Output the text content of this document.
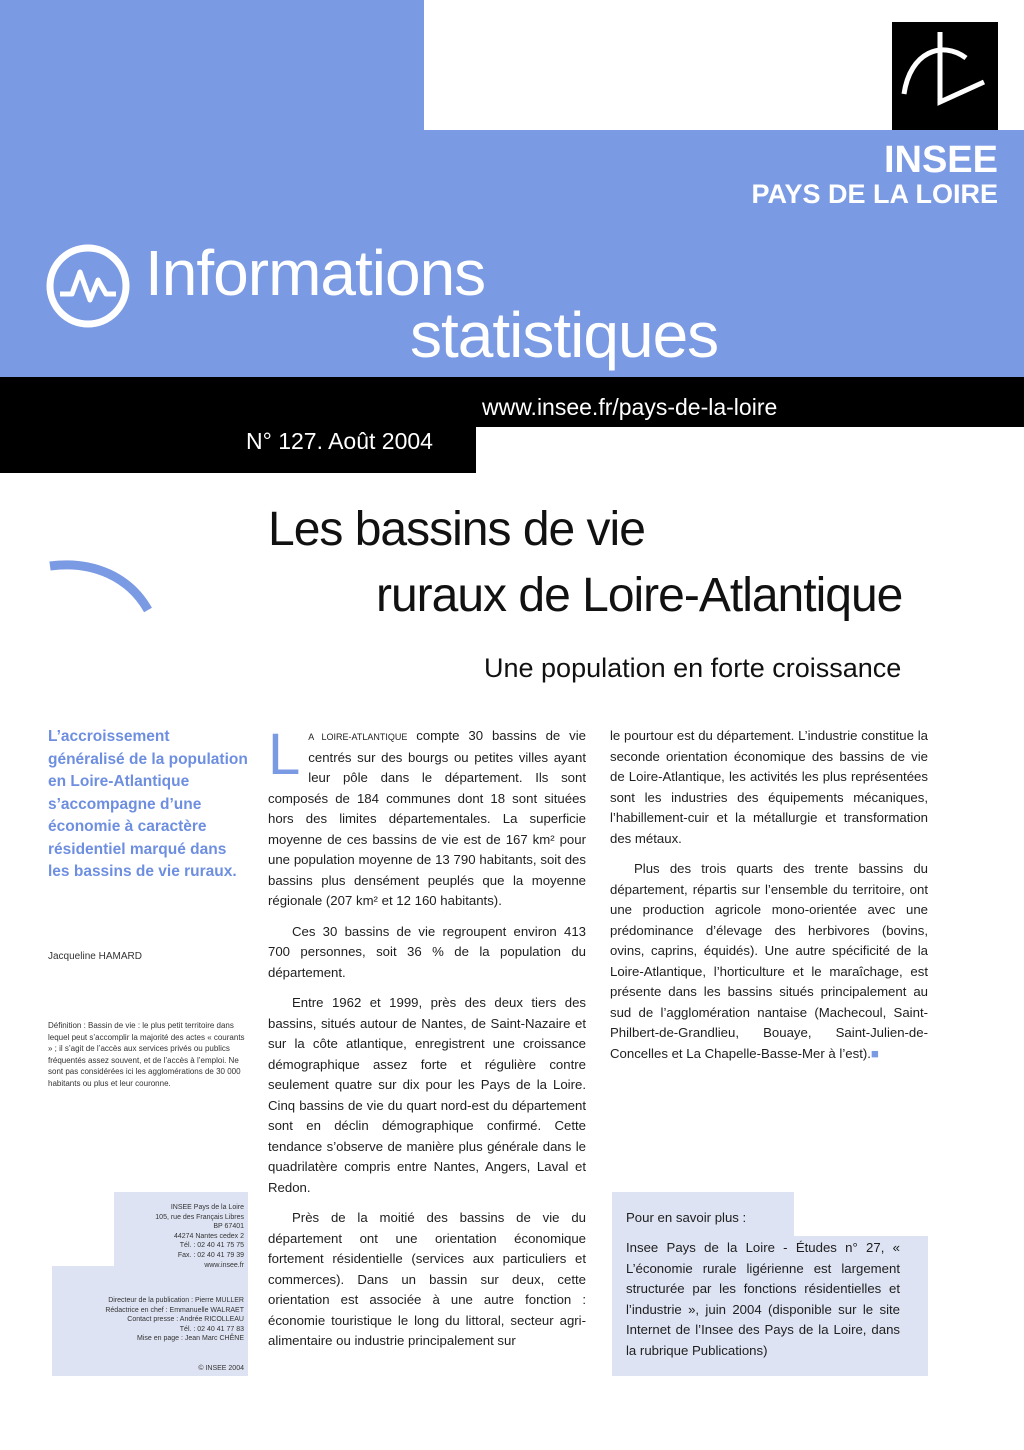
INSEE
PAYS DE LA LOIRE
Informations
statistiques
www.insee.fr/pays-de-la-loire
N° 127. Août 2004
Les bassins de vie
ruraux de Loire-Atlantique
Une population en forte croissance
L’accroissement généralisé de la population en Loire-Atlantique s’accompagne d’une économie à caractère résidentiel marqué dans les bassins de vie ruraux.
Jacqueline HAMARD
Définition : Bassin de vie : le plus petit territoire dans lequel peut s’accomplir la majorité des actes « courants » ; il s’agit de l’accès aux services privés ou publics fréquentés assez souvent, et de l’accès à l’emploi. Ne sont pas considérées ici les agglomérations de 30 000 habitants ou plus et leur couronne.
INSEE Pays de la Loire
105, rue des Français Libres
BP 67401
44274 Nantes cedex 2
Tél. : 02 40 41 75 75
Fax. : 02 40 41 79 39
www.insee.fr
Directeur de la publication : Pierre MULLER
Rédactrice en chef : Emmanuelle WALRAET
Contact presse : Andrée RICOLLEAU
Tél. : 02 40 41 77 83
Mise en page : Jean Marc CHÊNE
© INSEE 2004

L A LOIRE-ATLANTIQUE compte 30 bassins de vie centrés sur des bourgs ou petites villes ayant leur pôle dans le département. Ils sont composés de 184 communes dont 18 sont situées hors des limites départementales. La superficie moyenne de ces bassins de vie est de 167 km² pour une population moyenne de 13 790 habitants, soit des bassins plus densément peuplés que la moyenne régionale (207 km² et 12 160 habitants).

Ces 30 bassins de vie regroupent environ 413 700 personnes, soit 36 % de la population du département.

Entre 1962 et 1999, près des deux tiers des bassins, situés autour de Nantes, de Saint-Nazaire et sur la côte atlantique, enregistrent une croissance démographique assez forte et régulière contre seulement quatre sur dix pour les Pays de la Loire. Cinq bassins de vie du quart nord-est du département sont en déclin démographique confirmé. Cette tendance s’observe de manière plus générale dans le quadrilatère compris entre Nantes, Angers, Laval et Redon.

Près de la moitié des bassins de vie du département ont une orientation économique fortement résidentielle (services aux particuliers et commerces). Dans un bassin sur deux, cette orientation est associée à une autre fonction : économie touristique le long du littoral, secteur agri-alimentaire ou industrie principalement sur

le pourtour est du département. L’industrie constitue la seconde orientation économique des bassins de vie de Loire-Atlantique, les activités les plus représentées sont les industries des équipements mécaniques, l’habillement-cuir et la métallurgie et transformation des métaux.

Plus des trois quarts des trente bassins du département, répartis sur l’ensemble du territoire, ont une production agricole mono-orientée avec une prédominance d’élevage des herbivores (bovins, ovins, caprins, équidés). Une autre spécificité de la Loire-Atlantique, l’horticulture et le maraîchage, est présente dans les bassins situés principalement au sud de l’agglomération nantaise (Machecoul, Saint-Philbert-de-Grandlieu, Bouaye, Saint-Julien-de-Concelles et La Chapelle-Basse-Mer à l’est).■

Pour en savoir plus :
Insee Pays de la Loire - Études n° 27, « L’économie rurale ligérienne est largement structurée par les fonctions résidentielles et l’industrie », juin 2004 (disponible sur le site Internet de l’Insee des Pays de la Loire, dans la rubrique Publications)
